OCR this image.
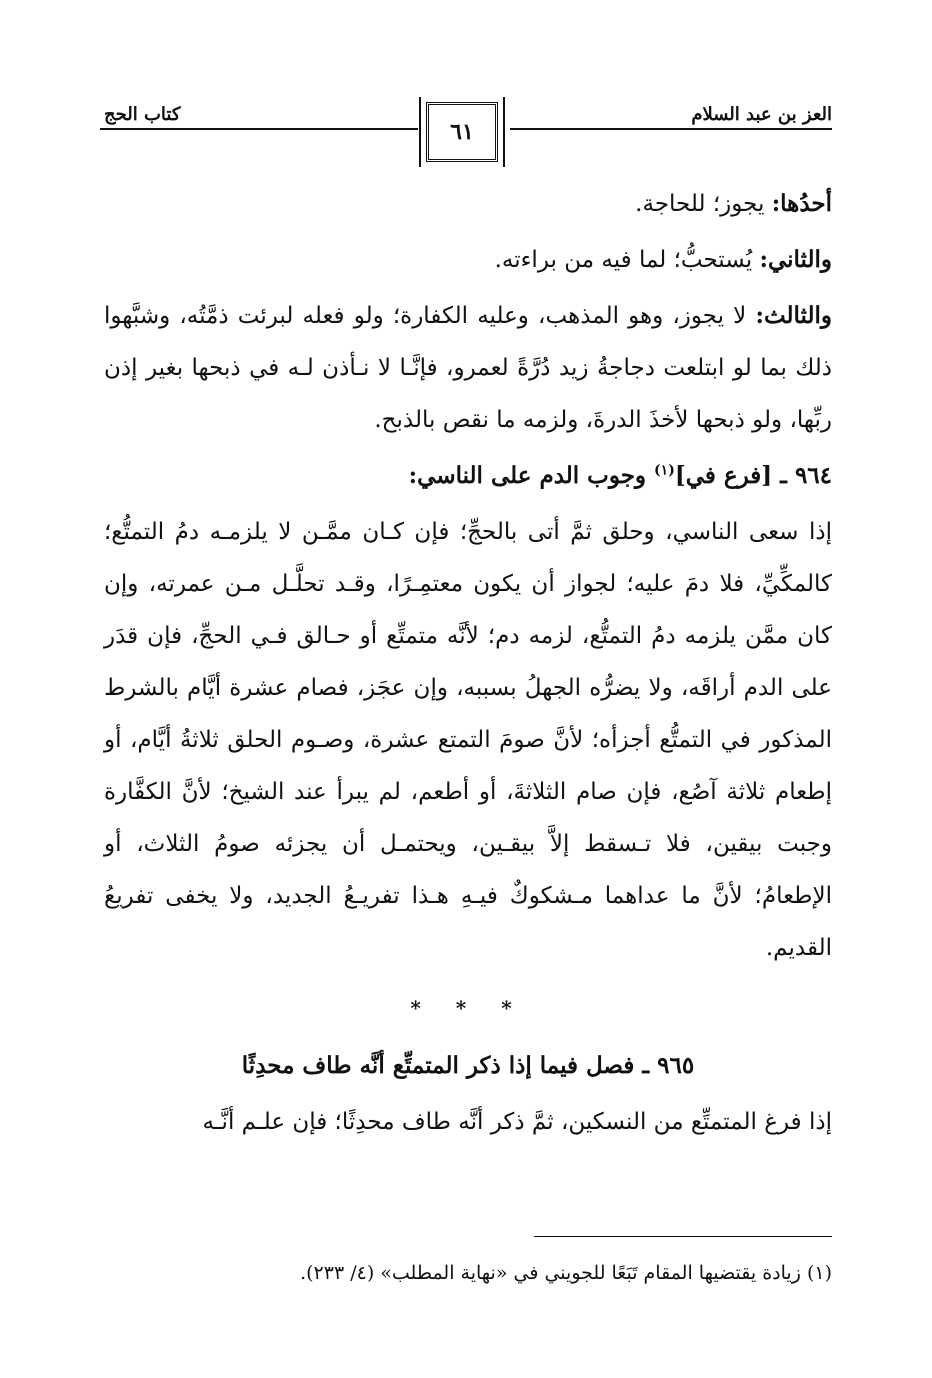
العز بن عبد السلام
٦١
كتاب الحج

أحدُها: يجوز؛ للحاجة.

والثاني: يُستحبُّ؛ لما فيه من براءته.

والثالث: لا يجوز، وهو المذهب، وعليه الكفارة؛ ولو فعله لبرئت ذمَّتُه، وشبَّهوا ذلك بما لو ابتلعت دجاجةُ زيد دُرَّةً لعمرو، فإنَّـا لا نـأذن لـه في ذبحها بغير إذن ربِّها، ولو ذبحها لأخذَ الدرةَ، ولزمه ما نقص بالذبح.

٩٦٤ ـ [فرع في]$^{(١)}$ وجوب الدم على الناسي:

إذا سعى الناسي، وحلق ثمَّ أتى بالحجِّ؛ فإن كـان ممَّـن لا يلزمـه دمُ التمتُّع؛ كالمكِّيِّ، فلا دمَ عليه؛ لجواز أن يكون معتمِـرًا، وقـد تحلَّـل مـن عمرته، وإن كان ممَّن يلزمه دمُ التمتُّع، لزمه دم؛ لأنَّه متمتِّع أو حـالق فـي الحجِّ، فإن قدَر على الدم أراقَه، ولا يضرُّه الجهلُ بسببه، وإن عجَز، فصام عشرة أيَّام بالشرط المذكور في التمتُّع أجزأه؛ لأنَّ صومَ التمتع عشرة، وصـوم الحلق ثلاثةُ أيَّام، أو إطعام ثلاثة آصُع، فإن صام الثلاثةَ، أو أطعم، لم يبرأ عند الشيخ؛ لأنَّ الكفَّارة وجبت بيقين، فلا تـسقط إلاَّ بيقـين، ويحتمـل أن يجزئه صومُ الثلاث، أو الإطعامُ؛ لأنَّ ما عداهما مـشكوكٌ فيـهِ هـذا تفريـعُ الجديد، ولا يخفى تفريعُ القديم.

* * *

٩٦٥ ـ فصل فيما إذا ذكر المتمتِّع أنَّه طاف محدِثًا

إذا فرغ المتمتِّع من النسكين، ثمَّ ذكر أنَّه طاف محدِثًا؛ فإن علـم أنَّـه

(١) زيادة يقتضيها المقام تَبَعًا للجويني في «نهاية المطلب» (٤/ ٢٣٣).
